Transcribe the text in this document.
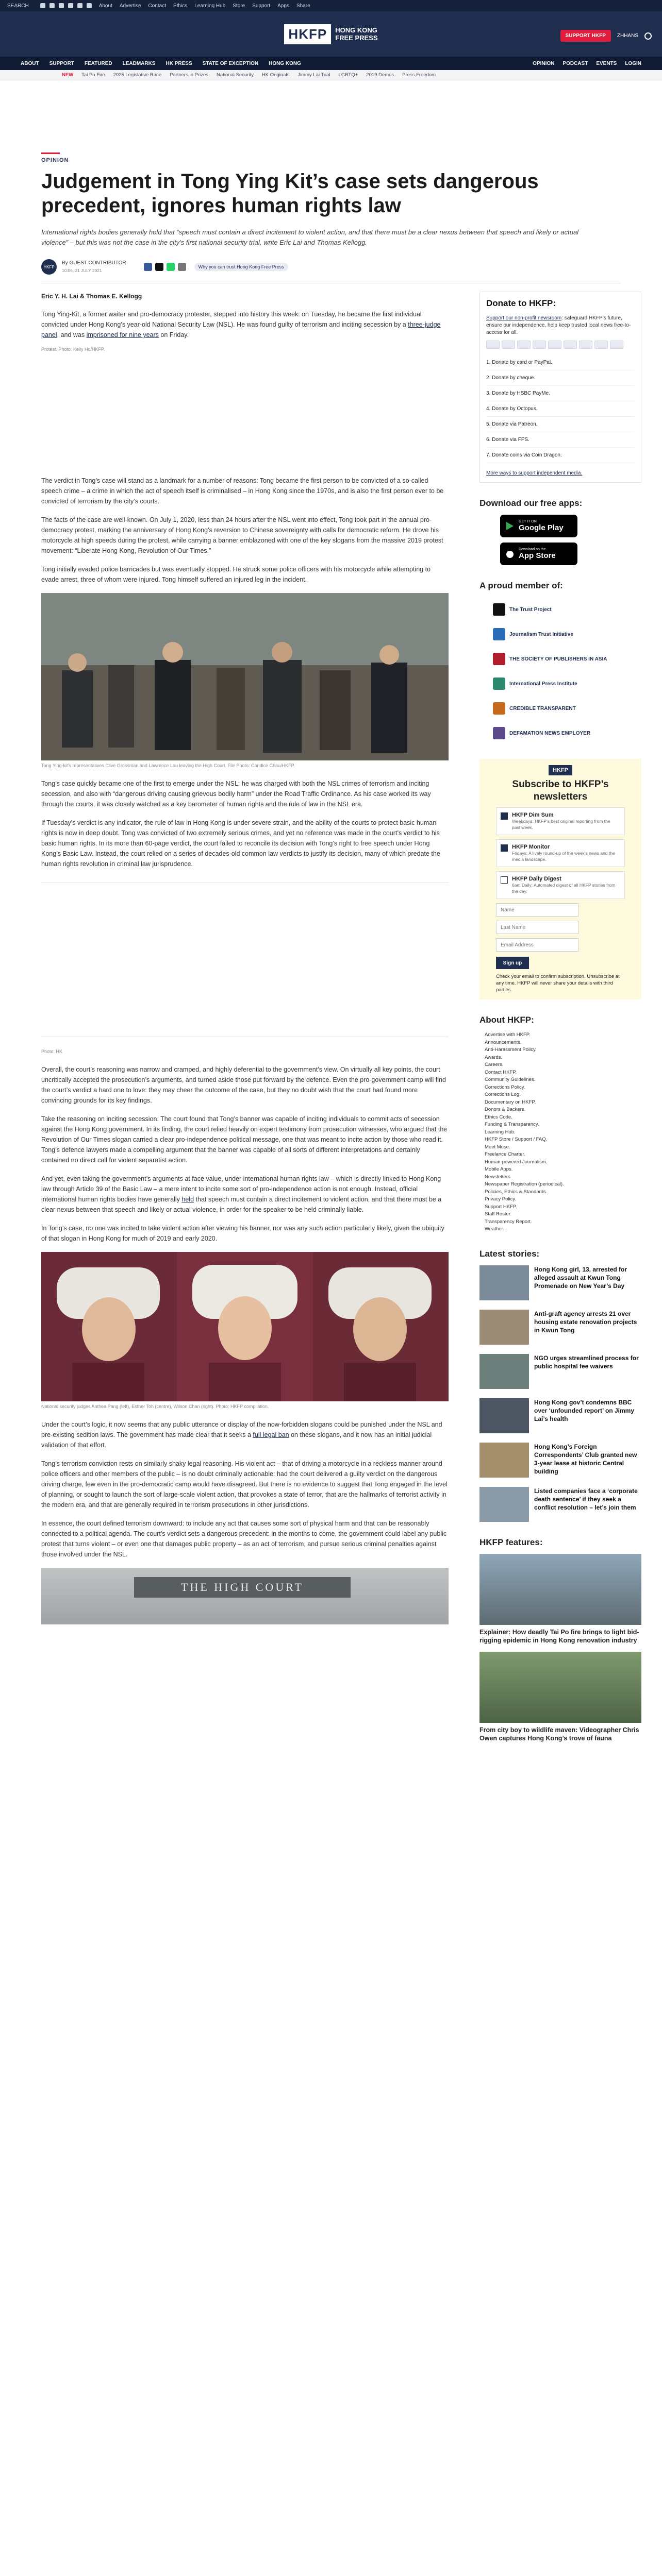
SEARCH	About Advertise Contact Ethics Learning Hub Store Support Apps Share
HKFP	HONG KONG
FREE PRESS	SUPPORT HKFP	ZHHANS
ABOUT SUPPORT FEATURED LEADMARKS HK PRESS STATE OF EXCEPTION HONG KONG	OPINION PODCAST EVENTS LOGIN
NEW Tai Po Fire 2025 Legislative Race Partners in Prizes National Security HK Originals Jimmy Lai Trial LGBTQ+ 2019 Demos Press Freedom
OPINION
Judgement in Tong Ying Kit’s case sets dangerous precedent, ignores human rights law
International rights bodies generally hold that “speech must contain a direct incitement to violent action, and that there must be a clear nexus between that speech and likely or actual violence” – but this was not the case in the city’s first national security trial, write Eric Lai and Thomas Kellogg.
HKFP
By GUEST CONTRIBUTOR
10:06, 31 JULY 2021
Why you can trust Hong Kong Free Press
Eric Y. H. Lai & Thomas E. Kellogg

Tong Ying-Kit, a former waiter and pro-democracy protester, stepped into history this week: on Tuesday, he became the first individual convicted under Hong Kong’s year-old National Security Law (NSL). He was found guilty of terrorism and inciting secession by a three-judge panel, and was imprisoned for nine years on Friday.

Protest. Photo: Kelly Ho/HKFP.

The verdict in Tong’s case will stand as a landmark for a number of reasons: Tong became the first person to be convicted of a so-called speech crime – a crime in which the act of speech itself is criminalised – in Hong Kong since the 1970s, and is also the first person ever to be convicted of terrorism by the city’s courts.

The facts of the case are well-known. On July 1, 2020, less than 24 hours after the NSL went into effect, Tong took part in the annual pro-democracy protest, marking the anniversary of Hong Kong’s reversion to Chinese sovereignty with calls for democratic reform. He drove his motorcycle at high speeds during the protest, while carrying a banner emblazoned with one of the key slogans from the massive 2019 protest movement: “Liberate Hong Kong, Revolution of Our Times.”

Tong initially evaded police barricades but was eventually stopped. He struck some police officers with his motorcycle while attempting to evade arrest, three of whom were injured. Tong himself suffered an injured leg in the incident.

Tong Ying-kit’s representatives Clive Grossman and Lawrence Lau leaving the High Court. File Photo: Candice Chau/HKFP.

Tong’s case quickly became one of the first to emerge under the NSL: he was charged with both the NSL crimes of terrorism and inciting secession, and also with “dangerous driving causing grievous bodily harm” under the Road Traffic Ordinance. As his case worked its way through the courts, it was closely watched as a key barometer of human rights and the rule of law in the NSL era.

If Tuesday’s verdict is any indicator, the rule of law in Hong Kong is under severe strain, and the ability of the courts to protect basic human rights is now in deep doubt. Tong was convicted of two extremely serious crimes, and yet no reference was made in the court’s verdict to his basic human rights. In its more than 60-page verdict, the court failed to reconcile its decision with Tong’s right to free speech under Hong Kong’s Basic Law. Instead, the court relied on a series of decades-old common law verdicts to justify its decision, many of which predate the human rights revolution in criminal law jurisprudence.

Photo: HK

Overall, the court’s reasoning was narrow and cramped, and highly deferential to the government’s view. On virtually all key points, the court uncritically accepted the prosecution’s arguments, and turned aside those put forward by the defence. Even the pro-government camp will find the court’s verdict a hard one to love: they may cheer the outcome of the case, but they no doubt wish that the court had found more convincing grounds for its key findings.

Take the reasoning on inciting secession. The court found that Tong’s banner was capable of inciting individuals to commit acts of secession against the Hong Kong government. In its finding, the court relied heavily on expert testimony from prosecution witnesses, who argued that the Revolution of Our Times slogan carried a clear pro-independence political message, one that was meant to incite action by those who read it. Tong’s defence lawyers made a compelling argument that the banner was capable of all sorts of different interpretations and certainly contained no direct call for violent separatist action.

And yet, even taking the government’s arguments at face value, under international human rights law – which is directly linked to Hong Kong law through Article 39 of the Basic Law – a mere intent to incite some sort of pro-independence action is not enough. Instead, official international human rights bodies have generally held that speech must contain a direct incitement to violent action, and that there must be a clear nexus between that speech and likely or actual violence, in order for the speaker to be held criminally liable.

In Tong’s case, no one was incited to take violent action after viewing his banner, nor was any such action particularly likely, given the ubiquity of that slogan in Hong Kong for much of 2019 and early 2020.

National security judges Anthea Pang (left), Esther Toh (centre), Wilson Chan (right). Photo: HKFP compilation.

Under the court’s logic, it now seems that any public utterance or display of the now-forbidden slogans could be punished under the NSL and pre-existing sedition laws. The government has made clear that it seeks a full legal ban on these slogans, and it now has an initial judicial validation of that effort.

Tong’s terrorism conviction rests on similarly shaky legal reasoning. His violent act – that of driving a motorcycle in a reckless manner around police officers and other members of the public – is no doubt criminally actionable: had the court delivered a guilty verdict on the dangerous driving charge, few even in the pro-democratic camp would have disagreed. But there is no evidence to suggest that Tong engaged in the level of planning, or sought to launch the sort of large-scale violent action, that provokes a state of terror, that are the hallmarks of terrorist activity in the modern era, and that are generally required in terrorism prosecutions in other jurisdictions.

In essence, the court defined terrorism downward: to include any act that causes some sort of physical harm and that can be reasonably connected to a political agenda. The court’s verdict sets a dangerous precedent: in the months to come, the government could label any public protest that turns violent – or even one that damages public property – as an act of terrorism, and pursue serious criminal penalties against those involved under the NSL.

THE HIGH COURT
Donate to HKFP:
Support our non-profit newsroom: safeguard HKFP’s future, ensure our independence, help keep trusted local news free-to-access for all.
1. Donate by card or PayPal.
2. Donate by cheque.
3. Donate by HSBC PayMe.
4. Donate by Octopus.
5. Donate via Patreon.
6. Donate via FPS.
7. Donate coins via Coin Dragon.
More ways to support independent media.
Download our free apps:
GET IT ON
Google Play
Download on the
App Store
A proud member of:
The Trust Project
Journalism Trust Initiative
THE SOCIETY OF PUBLISHERS IN ASIA
International Press Institute
CREDIBLE TRANSPARENT
DEFAMATION NEWS EMPLOYER
HKFP
Subscribe to HKFP’s newsletters
HKFP Dim Sum
Weekdays: HKFP’s best original reporting from the past week.
HKFP Monitor
Fridays: A lively round-up of the week’s news and the media landscape.
HKFP Daily Digest
6am Daily: Automated digest of all HKFP stories from the day.
Name
Last Name
Email Address
Sign up
Check your email to confirm subscription. Unsubscribe at any time. HKFP will never share your details with third parties.
About HKFP:
Advertise with HKFP.
Announcements.
Anti-Harassment Policy.
Awards.
Careers.
Contact HKFP.
Community Guidelines.
Corrections Policy.
Corrections Log.
Documentary on HKFP.
Donors & Backers.
Ethics Code.
Funding & Transparency.
Learning Hub.
HKFP Store / Support / FAQ.
Meet Muse.
Freelance Charter.
Human-powered Journalism.
Mobile Apps.
Newsletters.
Newspaper Registration (periodical).
Policies, Ethics & Standards.
Privacy Policy.
Support HKFP.
Staff Roster.
Transparency Report.
Weather.
Latest stories:
Hong Kong girl, 13, arrested for alleged assault at Kwun Tong Promenade on New Year’s Day
Anti-graft agency arrests 21 over housing estate renovation projects in Kwun Tong
NGO urges streamlined process for public hospital fee waivers
Hong Kong gov’t condemns BBC over ‘unfounded report’ on Jimmy Lai’s health
Hong Kong’s Foreign Correspondents’ Club granted new 3-year lease at historic Central building
Listed companies face a ‘corporate death sentence’ if they seek a conflict resolution – let’s join them
HKFP features:
Explainer: How deadly Tai Po fire brings to light bid-rigging epidemic in Hong Kong renovation industry
From city boy to wildlife maven: Videographer Chris Owen captures Hong Kong’s trove of fauna
